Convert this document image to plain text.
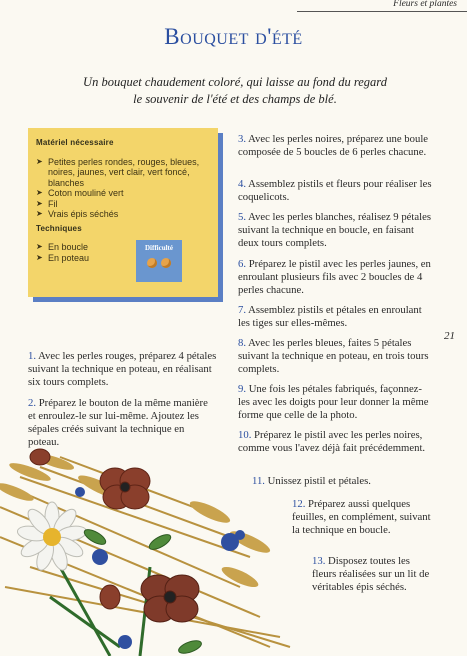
Fleurs et plantes
Bouquet d'été
Un bouquet chaudement coloré, qui laisse au fond du regard
le souvenir de l'été et des champs de blé.
Matériel nécessaire
➤ Petites perles rondes, rouges, bleues, noires, jaunes, vert clair, vert foncé, blanches
➤ Coton mouliné vert
➤ Fil
➤ Vrais épis séchés
Techniques
➤ En boucle
➤ En poteau
Difficulté
21
1. Avec les perles rouges, préparez 4 pétales suivant la technique en poteau, en réalisant six tours complets.
2. Préparez le bouton de la même manière et enroulez-le sur lui-même. Ajoutez les sépales créés suivant la technique en poteau.
3. Avec les perles noires, préparez une boule composée de 5 boucles de 6 perles chacune.
4. Assemblez pistils et fleurs pour réaliser les coquelicots.
5. Avec les perles blanches, réalisez 9 pétales suivant la technique en boucle, en faisant deux tours complets.
6. Préparez le pistil avec les perles jaunes, en enroulant plusieurs fils avec 2 boucles de 4 perles chacune.
7. Assemblez pistils et pétales en enroulant les tiges sur elles-mêmes.
8. Avec les perles bleues, faites 5 pétales suivant la technique en poteau, en trois tours complets.
9. Une fois les pétales fabriqués, façonnez-les avec les doigts pour leur donner la même forme que celle de la photo.
10. Préparez le pistil avec les perles noires, comme vous l'avez déjà fait précédemment.
11. Unissez pistil et pétales.
12. Préparez aussi quelques feuilles, en complément, suivant la technique en boucle.
13. Disposez toutes les fleurs réalisées sur un lit de véritables épis séchés.
